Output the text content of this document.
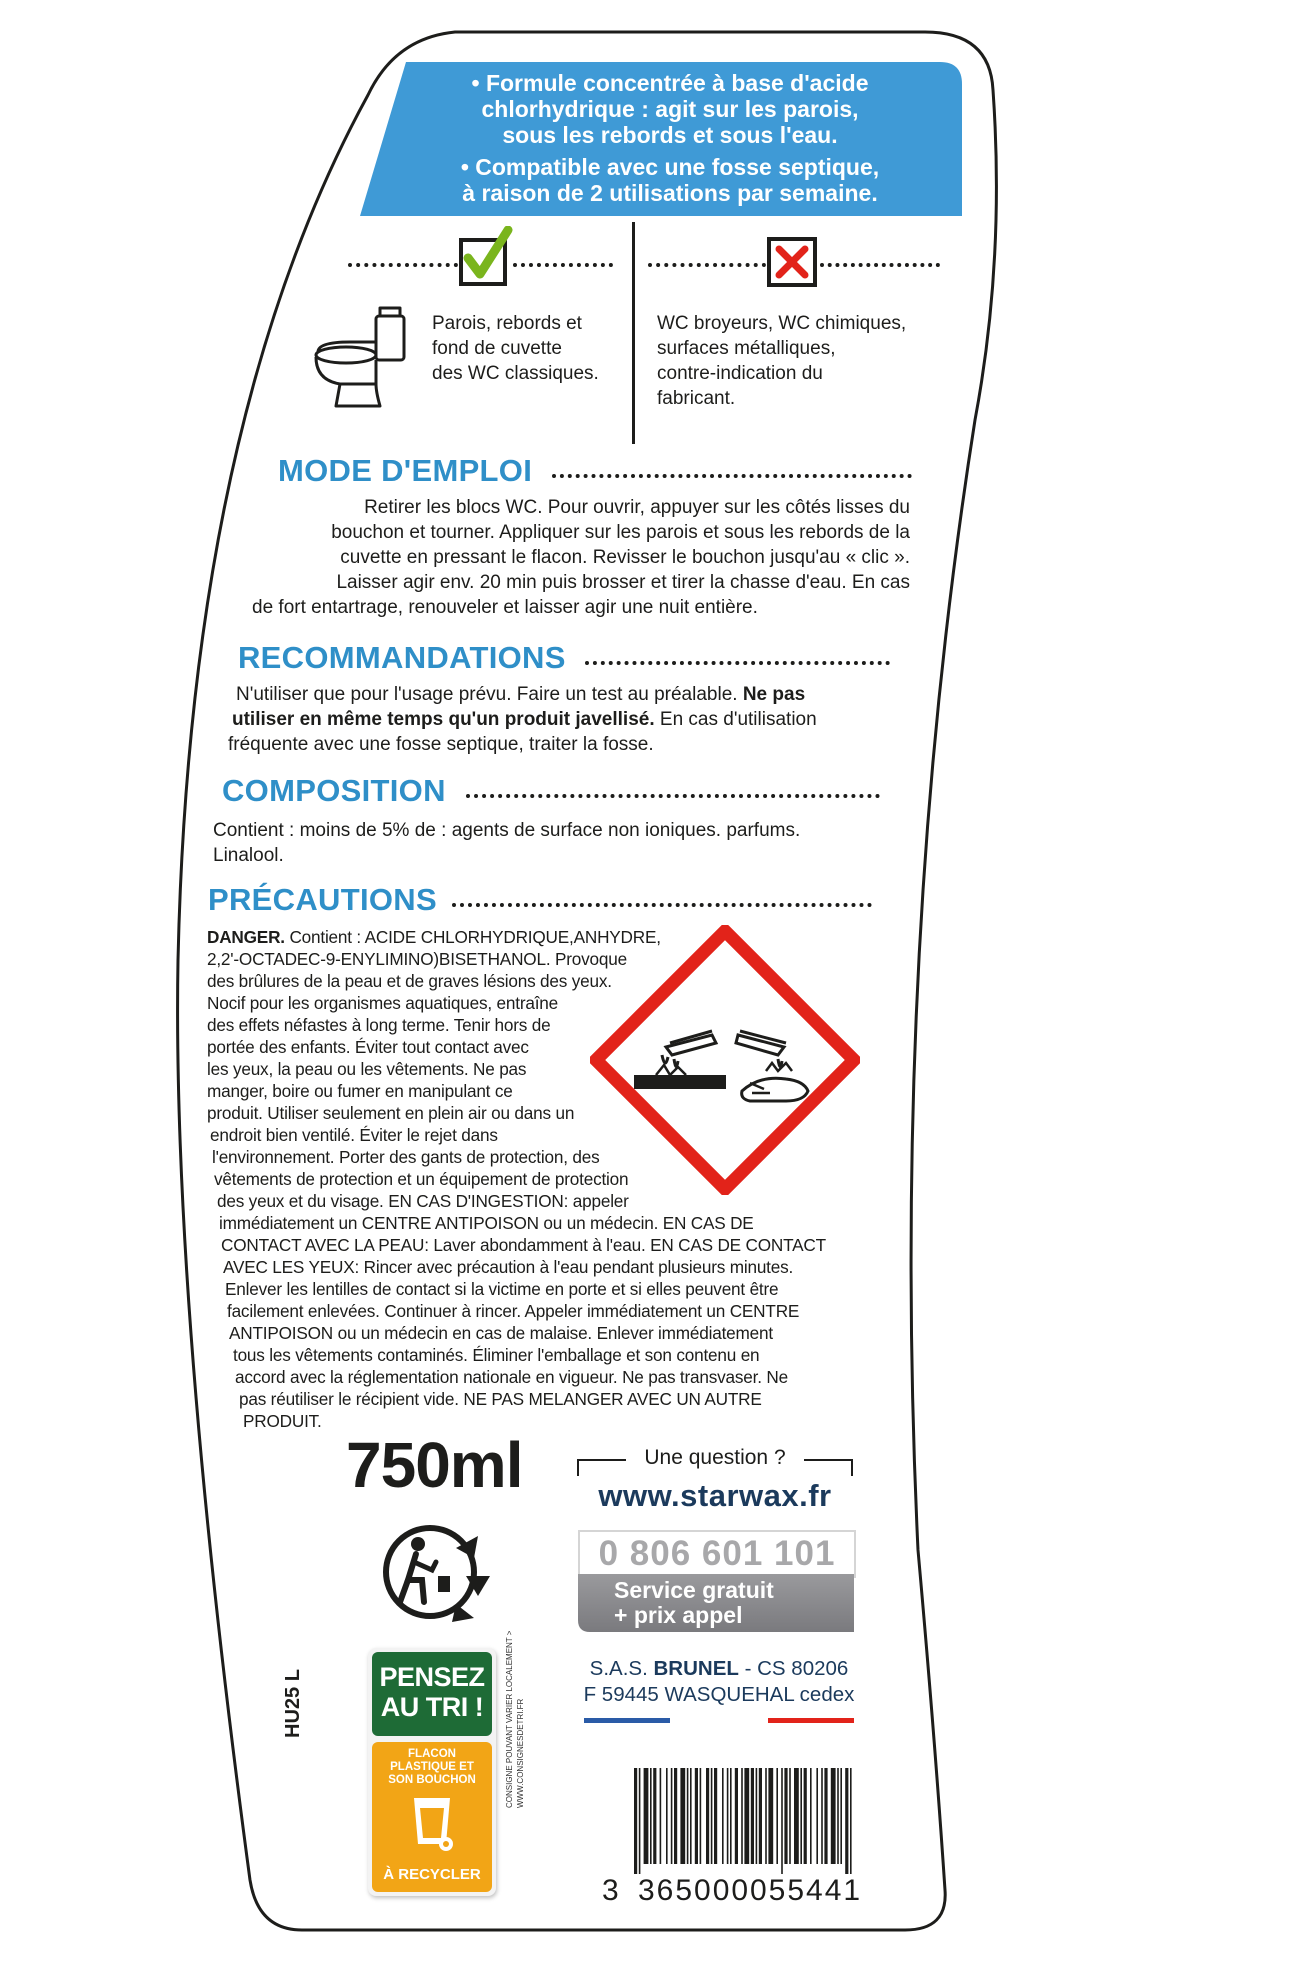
• Formule concentrée à base d'acide
chlorhydrique : agit sur les parois,
sous les rebords et sous l'eau.
• Compatible avec une fosse septique,
à raison de 2 utilisations par semaine.
Parois, rebords et
fond de cuvette
des WC classiques.
WC broyeurs, WC chimiques,
surfaces métalliques,
contre-indication du
fabricant.
MODE D'EMPLOI
Retirer les blocs WC. Pour ouvrir, appuyer sur les côtés lisses du
bouchon et tourner. Appliquer sur les parois et sous les rebords de la
cuvette en pressant le flacon. Revisser le bouchon jusqu'au « clic ».
Laisser agir env. 20 min puis brosser et tirer la chasse d'eau. En cas
de fort entartrage, renouveler et laisser agir une nuit entière.
RECOMMANDATIONS
N'utiliser que pour l'usage prévu. Faire un test au préalable. Ne pas
utiliser en même temps qu'un produit javellisé. En cas d'utilisation
fréquente avec une fosse septique, traiter la fosse.
COMPOSITION
Contient : moins de 5% de : agents de surface non ioniques. parfums.
Linalool.
PRÉCAUTIONS
DANGER. Contient : ACIDE CHLORHYDRIQUE,ANHYDRE,
2,2'-OCTADEC-9-ENYLIMINO)BISETHANOL. Provoque
des brûlures de la peau et de graves lésions des yeux.
Nocif pour les organismes aquatiques, entraîne
des effets néfastes à long terme. Tenir hors de
portée des enfants. Éviter tout contact avec
les yeux, la peau ou les vêtements. Ne pas
manger, boire ou fumer en manipulant ce
produit. Utiliser seulement en plein air ou dans un
endroit bien ventilé. Éviter le rejet dans
l'environnement. Porter des gants de protection, des
vêtements de protection et un équipement de protection
des yeux et du visage. EN CAS D'INGESTION: appeler
immédiatement un CENTRE ANTIPOISON ou un médecin. EN CAS DE
CONTACT AVEC LA PEAU: Laver abondamment à l'eau. EN CAS DE CONTACT
AVEC LES YEUX: Rincer avec précaution à l'eau pendant plusieurs minutes.
Enlever les lentilles de contact si la victime en porte et si elles peuvent être
facilement enlevées. Continuer à rincer. Appeler immédiatement un CENTRE
ANTIPOISON ou un médecin en cas de malaise. Enlever immédiatement
tous les vêtements contaminés. Éliminer l'emballage et son contenu en
accord avec la réglementation nationale en vigueur. Ne pas transvaser. Ne
pas réutiliser le récipient vide. NE PAS MELANGER AVEC UN AUTRE
PRODUIT.
750ml
HU25 L	PENSEZ
AU TRI !
FLACON
PLASTIQUE ET
SON BOUCHON
À RECYCLER
CONSIGNE POUVANT VARIER LOCALEMENT > WWW.CONSIGNESDETRI.FR
Une question ?
www.starwax.fr
0 806 601 101
Service gratuit
+ prix appel
S.A.S. BRUNEL - CS 80206
F 59445 WASQUEHAL cedex
3 365000 055441
